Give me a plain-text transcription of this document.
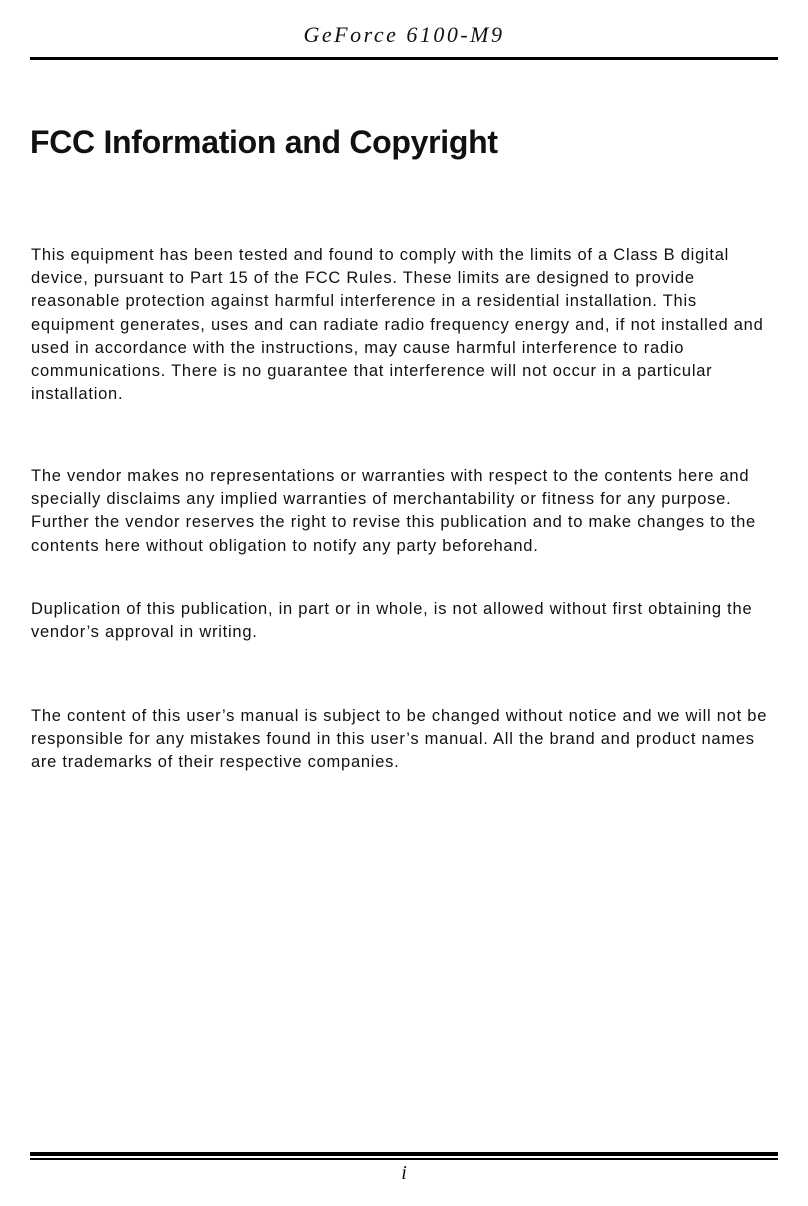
GeForce 6100-M9
FCC Information and Copyright

This equipment has been tested and found to comply with the limits of a Class B digital device, pursuant to Part 15 of the FCC Rules. These limits are designed to provide reasonable protection against harmful interference in a residential installation. This equipment generates, uses and can radiate radio frequency energy and, if not installed and used in accordance with the instructions, may cause harmful interference to radio communications. There is no guarantee that interference will not occur in a particular installation.

The vendor makes no representations or warranties with respect to the contents here and specially disclaims any implied warranties of merchantability or fitness for any purpose. Further the vendor reserves the right to revise this publication and to make changes to the contents here without obligation to notify any party beforehand.

Duplication of this publication, in part or in whole, is not allowed without first obtaining the vendor’s approval in writing.

The content of this user’s manual is subject to be changed without notice and we will not be responsible for any mistakes found in this user’s manual. All the brand and product names are trademarks of their respective companies.

i
